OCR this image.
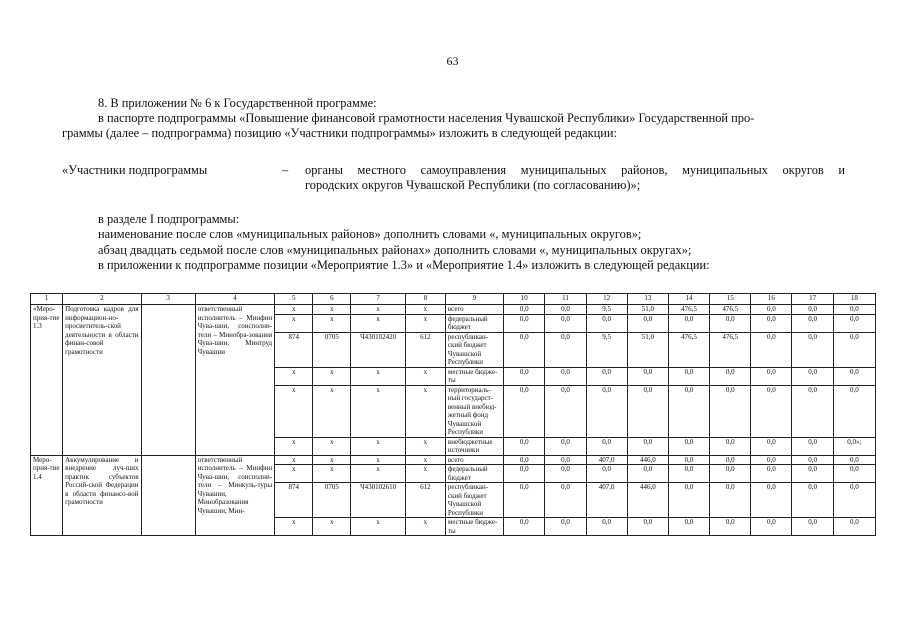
63
8. В приложении № 6 к Государственной программе:
в паспорте подпрограммы «Повышение финансовой грамотности населения Чувашской Республики» Государственной про-
граммы (далее – подпрограмма) позицию «Участники подпрограммы» изложить в следующей редакции:
«Участники подпрограммы	– органы местного самоуправления муниципальных районов, муниципальных округов и
городских округов Чувашской Республики (по согласованию)»;
в разделе I подпрограммы:
наименование после слов «муниципальных районов» дополнить словами «, муниципальных округов»;
абзац двадцать седьмой после слов «муниципальных районах» дополнить словами «, муниципальных округах»;
в приложении к подпрограмме позиции «Мероприятие 1.3» и «Мероприятие 1.4» изложить в следующей редакции:
1	2	3	4	5	6	7	8	9	10	11	12	13	14	15	16	17	18
«Меро-прия-тие 1.3	Подготовка кадров для информацион-но-просветитель-ской деятельности в области финан-совой грамотности		ответственный исполнитель – Минфин Чува-шии, соисполни-тели – Минобра-зования Чува-шии, Минтруд Чувашии	x	x	x	x	всего	0,0	0,0	9,5	51,0	476,5	476,5	0,0	0,0	0,0
				x	x	x	x	федеральный бюджет	0,0	0,0	0,0	0,0	0,0	0,0	0,0	0,0	0,0
				874	0705	Ч430102420	612	республикан-ский бюджет Чувашской Республики	0,0	0,0	9,5	51,0	476,5	476,5	0,0	0,0	0,0
				x	x	x	x	местные бюдже-ты	0,0	0,0	0,0	0,0	0,0	0,0	0,0	0,0	0,0
				x	x	x	x	территориаль-ный государст-венный внебюд-жетный фонд Чувашской Республики	0,0	0,0	0,0	0,0	0,0	0,0	0,0	0,0	0,0
				x	x	x	x	внебюджетные источники	0,0	0,0	0,0	0,0	0,0	0,0	0,0	0,0	0,0»;
Меро-прия-тие 1.4	Аккумулирование и внедрение луч-ших практик субъектов Россий-ской Федерации в области финансо-вой грамотности		ответственный исполнитель – Минфин Чува-шии, соисполни-тели – Минкуль-туры Чувашии, Минобразования Чувашии, Мин-	x	x	x	x	всего	0,0	0,0	407,0	446,0	0,0	0,0	0,0	0,0	0,0
				x	x	x	x	федеральный бюджет	0,0	0,0	0,0	0,0	0,0	0,0	0,0	0,0	0,0
				874	0705	Ч430102610	612	республикан-ский бюджет Чувашской Республики	0,0	0,0	407,0	446,0	0,0	0,0	0,0	0,0	0,0
				x	x	x	x	местные бюдже-ты	0,0	0,0	0,0	0,0	0,0	0,0	0,0	0,0	0,0
